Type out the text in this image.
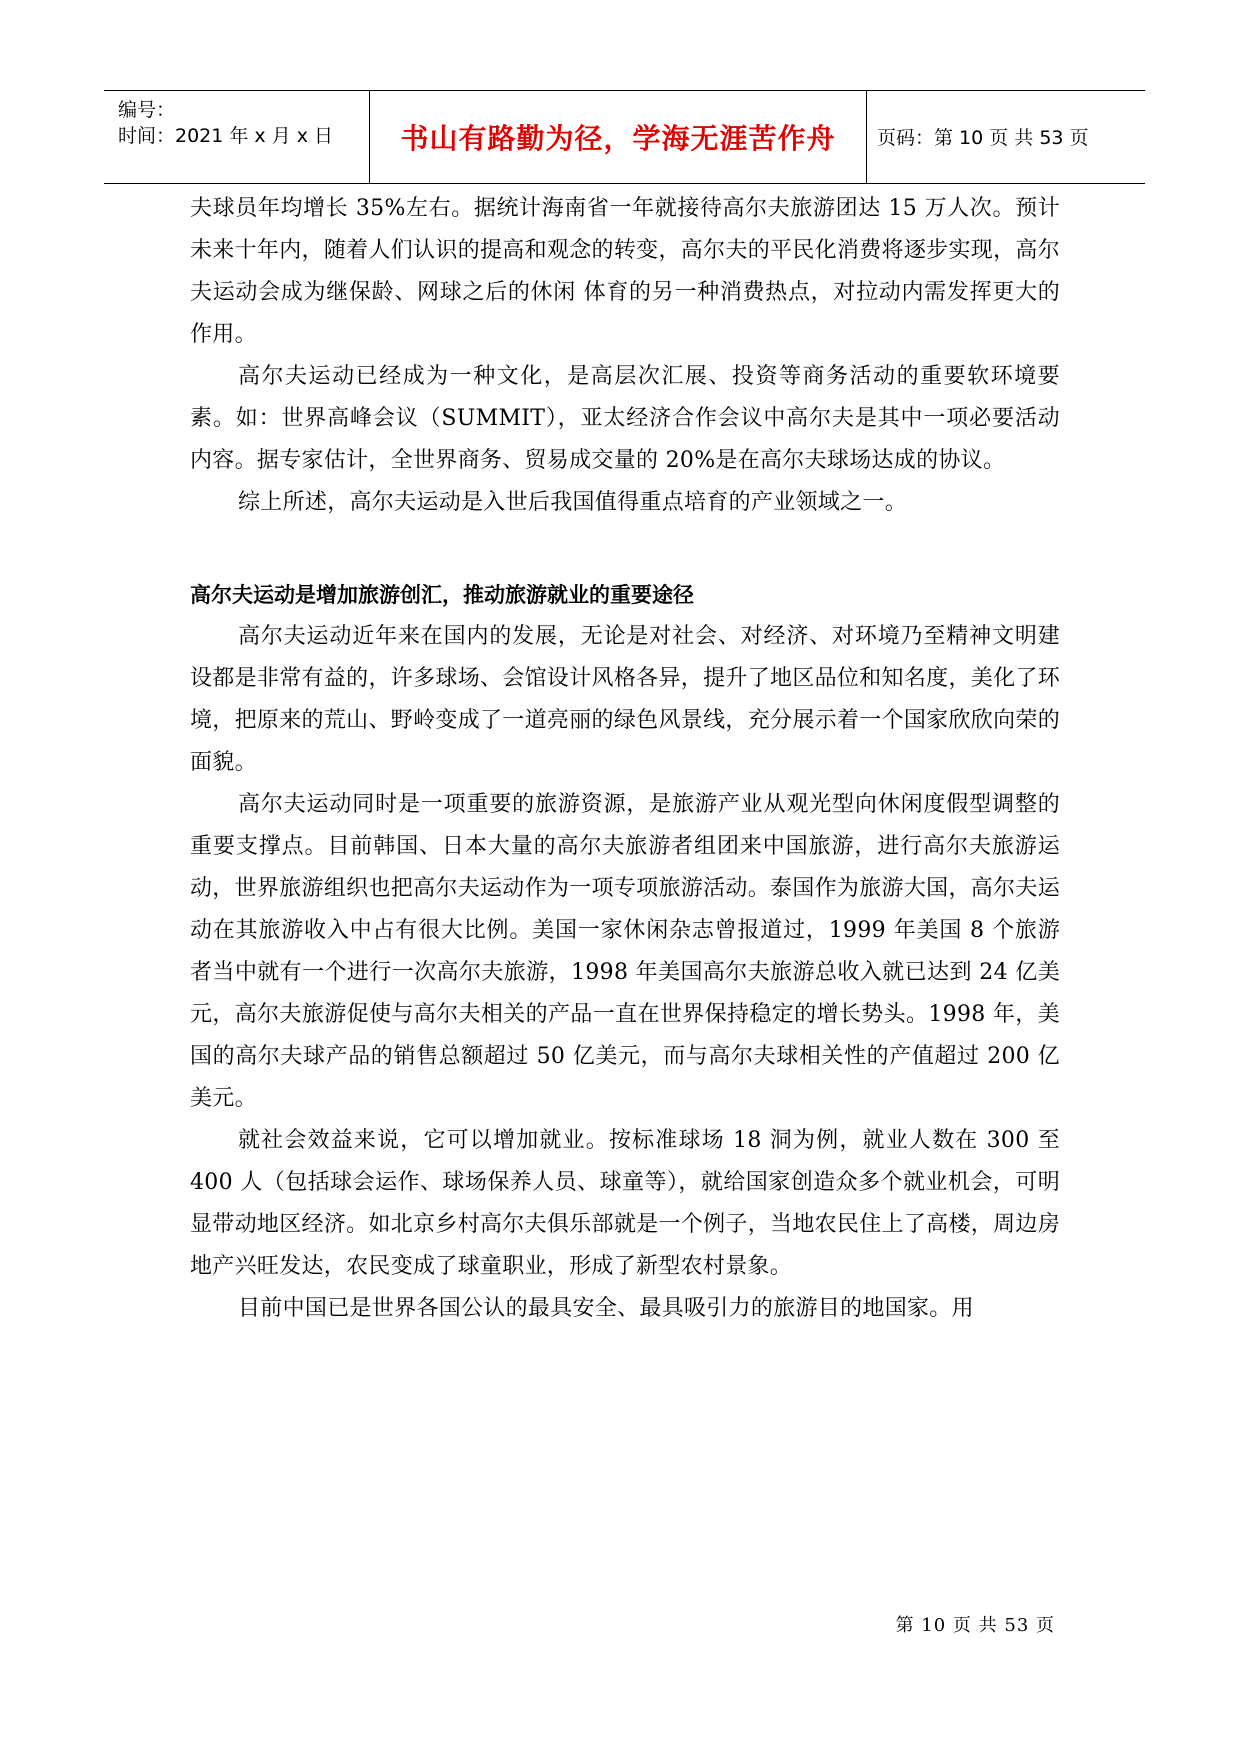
编号：
时间：2021 年 x 月 x 日	书山有路勤为径，学海无涯苦作舟	页码：第 10 页 共 53 页

夫球员年均增长 35%左右。据统计海南省一年就接待高尔夫旅游团达 15 万人次。预计未来十年内，随着人们认识的提高和观念的转变，高尔夫的平民化消费将逐步实现，高尔夫运动会成为继保龄、网球之后的休闲 体育的另一种消费热点，对拉动内需发挥更大的作用。

高尔夫运动已经成为一种文化，是高层次汇展、投资等商务活动的重要软环境要素。如：世界高峰会议（SUMMIT），亚太经济合作会议中高尔夫是其中一项必要活动内容。据专家估计，全世界商务、贸易成交量的 20%是在高尔夫球场达成的协议。

综上所述，高尔夫运动是入世后我国值得重点培育的产业领域之一。

高尔夫运动是增加旅游创汇，推动旅游就业的重要途径

高尔夫运动近年来在国内的发展，无论是对社会、对经济、对环境乃至精神文明建设都是非常有益的，许多球场、会馆设计风格各异，提升了地区品位和知名度，美化了环境，把原来的荒山、野岭变成了一道亮丽的绿色风景线，充分展示着一个国家欣欣向荣的面貌。

高尔夫运动同时是一项重要的旅游资源，是旅游产业从观光型向休闲度假型调整的重要支撑点。目前韩国、日本大量的高尔夫旅游者组团来中国旅游，进行高尔夫旅游运动，世界旅游组织也把高尔夫运动作为一项专项旅游活动。泰国作为旅游大国，高尔夫运动在其旅游收入中占有很大比例。美国一家休闲杂志曾报道过，1999 年美国 8 个旅游者当中就有一个进行一次高尔夫旅游，1998 年美国高尔夫旅游总收入就已达到 24 亿美元，高尔夫旅游促使与高尔夫相关的产品一直在世界保持稳定的增长势头。1998 年，美国的高尔夫球产品的销售总额超过 50 亿美元，而与高尔夫球相关性的产值超过 200 亿美元。

就社会效益来说，它可以增加就业。按标准球场 18 洞为例，就业人数在 300 至 400 人（包括球会运作、球场保养人员、球童等），就给国家创造众多个就业机会，可明显带动地区经济。如北京乡村高尔夫俱乐部就是一个例子，当地农民住上了高楼，周边房地产兴旺发达，农民变成了球童职业，形成了新型农村景象。

目前中国已是世界各国公认的最具安全、最具吸引力的旅游目的地国家。用

第 10 页 共 53 页
